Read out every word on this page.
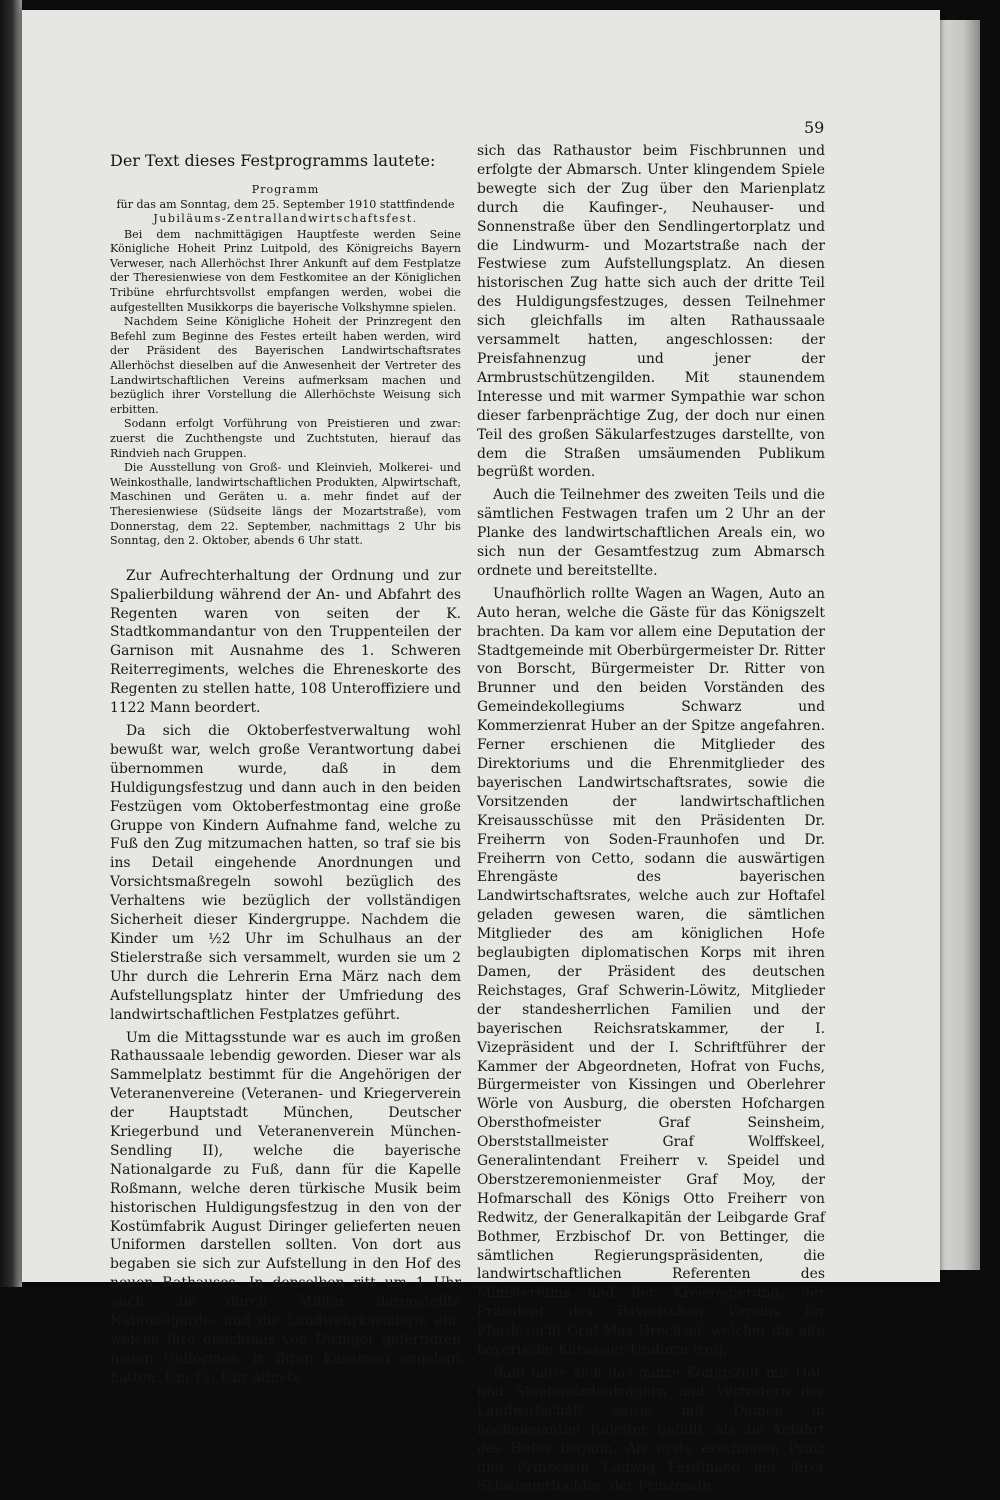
59
Der Text dieses Festprogramms lautete:

Programm

für das am Sonntag, dem 25. September 1910 stattfindende

Jubiläums-Zentrallandwirtschaftsfest.

Bei dem nachmittägigen Hauptfeste werden Seine Königliche Hoheit Prinz Luitpold, des Königreichs Bayern Verweser, nach Allerhöchst Ihrer Ankunft auf dem Festplatze der Theresienwiese von dem Festkomitee an der Königlichen Tribüne ehrfurchtsvollst empfangen werden, wobei die aufgestellten Musikkorps die bayerische Volkshymne spielen.

Nachdem Seine Königliche Hoheit der Prinzregent den Befehl zum Beginne des Festes erteilt haben werden, wird der Präsident des Bayerischen Landwirtschaftsrates Allerhöchst dieselben auf die Anwesenheit der Vertreter des Landwirtschaftlichen Vereins aufmerksam machen und bezüglich ihrer Vorstellung die Allerhöchste Weisung sich erbitten.

Sodann erfolgt Vorführung von Preistieren und zwar: zuerst die Zuchthengste und Zuchtstuten, hierauf das Rindvieh nach Gruppen.

Die Ausstellung von Groß- und Kleinvieh, Molkerei- und Weinkosthalle, landwirtschaftlichen Produkten, Alpwirtschaft, Maschinen und Geräten u. a. mehr findet auf der Theresienwiese (Südseite längs der Mozartstraße), vom Donnerstag, dem 22. September, nachmittags 2 Uhr bis Sonntag, den 2. Oktober, abends 6 Uhr statt.

Zur Aufrechterhaltung der Ordnung und zur Spalierbildung während der An- und Abfahrt des Regenten waren von seiten der K. Stadtkommandantur von den Truppenteilen der Garnison mit Ausnahme des 1. Schweren Reiterregiments, welches die Ehreneskorte des Regenten zu stellen hatte, 108 Unteroffiziere und 1122 Mann beordert.

Da sich die Oktoberfestverwaltung wohl bewußt war, welch große Verantwortung dabei übernommen wurde, daß in dem Huldigungsfestzug und dann auch in den beiden Festzügen vom Oktoberfestmontag eine große Gruppe von Kindern Aufnahme fand, welche zu Fuß den Zug mitzumachen hatten, so traf sie bis ins Detail eingehende Anordnungen und Vorsichtsmaßregeln sowohl bezüglich des Verhaltens wie bezüglich der vollständigen Sicherheit dieser Kindergruppe. Nachdem die Kinder um ½2 Uhr im Schulhaus an der Stielerstraße sich versammelt, wurden sie um 2 Uhr durch die Lehrerin Erna März nach dem Aufstellungsplatz hinter der Umfriedung des landwirtschaftlichen Festplatzes geführt.

Um die Mittagsstunde war es auch im großen Rathaussaale lebendig geworden. Dieser war als Sammelplatz bestimmt für die Angehörigen der Veteranenvereine (Veteranen- und Kriegerverein der Hauptstadt München, Deutscher Kriegerbund und Veteranenverein München-Sendling II), welche die bayerische Nationalgarde zu Fuß, dann für die Kapelle Roßmann, welche deren türkische Musik beim historischen Huldigungsfestzug in den von der Kostümfabrik August Diringer gelieferten neuen Uniformen darstellen sollten. Von dort aus begaben sie sich zur Aufstellung in den Hof des neuen Rathauses. In denselben ritt um 1 Uhr auch die durch Militär dargestellte Nationalgarde- und die Landwehrkavallerie ein, welche ihre gleichfalls von Diringer gefertigten neuen Uniformen, in ihren Kasernen angelegt hatten. Um 1¼ Uhr öffnete

sich das Rathaustor beim Fischbrunnen und erfolgte der Abmarsch. Unter klingendem Spiele bewegte sich der Zug über den Marienplatz durch die Kaufinger-, Neuhauser- und Sonnenstraße über den Sendlingertorplatz und die Lindwurm- und Mozartstraße nach der Festwiese zum Aufstellungsplatz. An diesen historischen Zug hatte sich auch der dritte Teil des Huldigungsfestzuges, dessen Teilnehmer sich gleichfalls im alten Rathaussaale versammelt hatten, angeschlossen: der Preisfahnenzug und jener der Armbrustschützengilden. Mit staunendem Interesse und mit warmer Sympathie war schon dieser farbenprächtige Zug, der doch nur einen Teil des großen Säkularfestzuges darstellte, von dem die Straßen umsäumenden Publikum begrüßt worden.

Auch die Teilnehmer des zweiten Teils und die sämtlichen Festwagen trafen um 2 Uhr an der Planke des landwirtschaftlichen Areals ein, wo sich nun der Gesamtfestzug zum Abmarsch ordnete und bereitstellte.

Unaufhörlich rollte Wagen an Wagen, Auto an Auto heran, welche die Gäste für das Königszelt brachten. Da kam vor allem eine Deputation der Stadtgemeinde mit Oberbürgermeister Dr. Ritter von Borscht, Bürgermeister Dr. Ritter von Brunner und den beiden Vorständen des Gemeindekollegiums Schwarz und Kommerzienrat Huber an der Spitze angefahren. Ferner erschienen die Mitglieder des Direktoriums und die Ehrenmitglieder des bayerischen Landwirtschaftsrates, sowie die Vorsitzenden der landwirtschaftlichen Kreisausschüsse mit den Präsidenten Dr. Freiherrn von Soden-Fraunhofen und Dr. Freiherrn von Cetto, sodann die auswärtigen Ehrengäste des bayerischen Landwirtschaftsrates, welche auch zur Hoftafel geladen gewesen waren, die sämtlichen Mitglieder des am königlichen Hofe beglaubigten diplomatischen Korps mit ihren Damen, der Präsident des deutschen Reichstages, Graf Schwerin-Löwitz, Mitglieder der standesherrlichen Familien und der bayerischen Reichsratskammer, der I. Vizepräsident und der I. Schriftführer der Kammer der Abgeordneten, Hofrat von Fuchs, Bürgermeister von Kissingen und Oberlehrer Wörle von Ausburg, die obersten Hofchargen Obersthofmeister Graf Seinsheim, Oberststallmeister Graf Wolffskeel, Generalintendant Freiherr v. Speidel und Oberstzeremonienmeister Graf Moy, der Hofmarschall des Königs Otto Freiherr von Redwitz, der Generalkapitän der Leibgarde Graf Bothmer, Erzbischof Dr. von Bettinger, die sämtlichen Regierungspräsidenten, die landwirtschaftlichen Referenten des Ministeriums und der Kreisregierung, der Präsident des Bayerischen Vereins für Pferdezucht Graf Max Drechsel, welcher die alte bayerische Kürassier-Uniform trug.

Bald hatte sich das ganze Königszelt mit Hof- und Staatswürdenträgern und Vertretern der Landwirtschaft sowie mit Damen in hocheleganten Toiletten gefüllt, als die Anfahrt des Hofes begann. Als erste erschienen Prinz und Prinzessin Ludwig Ferdinand mit ihrer Schwiegertochter, der Prinzessin
